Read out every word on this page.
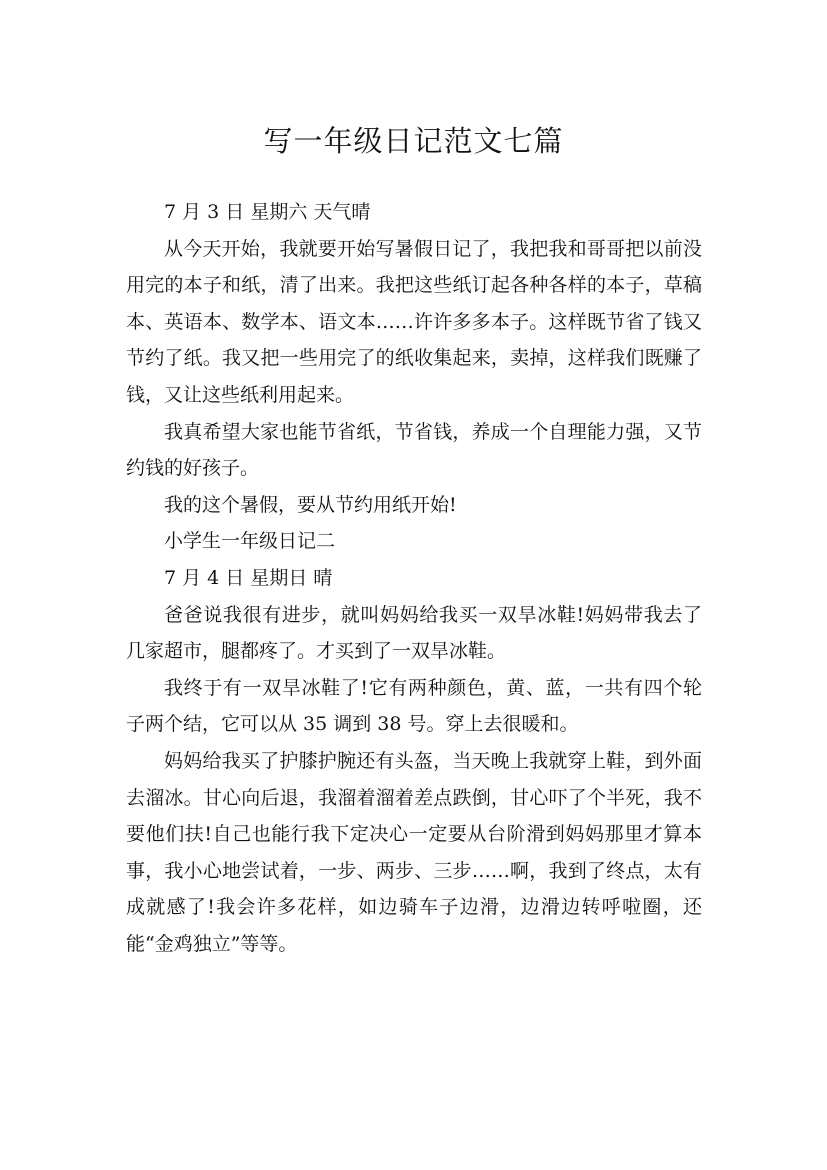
写一年级日记范文七篇

7 月 3 日 星期六 天气晴

从今天开始，我就要开始写暑假日记了，我把我和哥哥把以前没用完的本子和纸，清了出来。我把这些纸订起各种各样的本子，草稿本、英语本、数学本、语文本……许许多多本子。这样既节省了钱又节约了纸。我又把一些用完了的纸收集起来，卖掉，这样我们既赚了钱，又让这些纸利用起来。

我真希望大家也能节省纸，节省钱，养成一个自理能力强，又节约钱的好孩子。

我的这个暑假，要从节约用纸开始!

小学生一年级日记二

7 月 4 日 星期日 晴

爸爸说我很有进步，就叫妈妈给我买一双旱冰鞋!妈妈带我去了几家超市，腿都疼了。才买到了一双旱冰鞋。

我终于有一双旱冰鞋了!它有两种颜色，黄、蓝，一共有四个轮子两个结，它可以从 35 调到 38 号。穿上去很暖和。

妈妈给我买了护膝护腕还有头盔，当天晚上我就穿上鞋，到外面去溜冰。甘心向后退，我溜着溜着差点跌倒，甘心吓了个半死，我不要他们扶!自己也能行我下定决心一定要从台阶滑到妈妈那里才算本事，我小心地尝试着，一步、两步、三步……啊，我到了终点，太有成就感了!我会许多花样，如边骑车子边滑，边滑边转呼啦圈，还能“金鸡独立”等等。
